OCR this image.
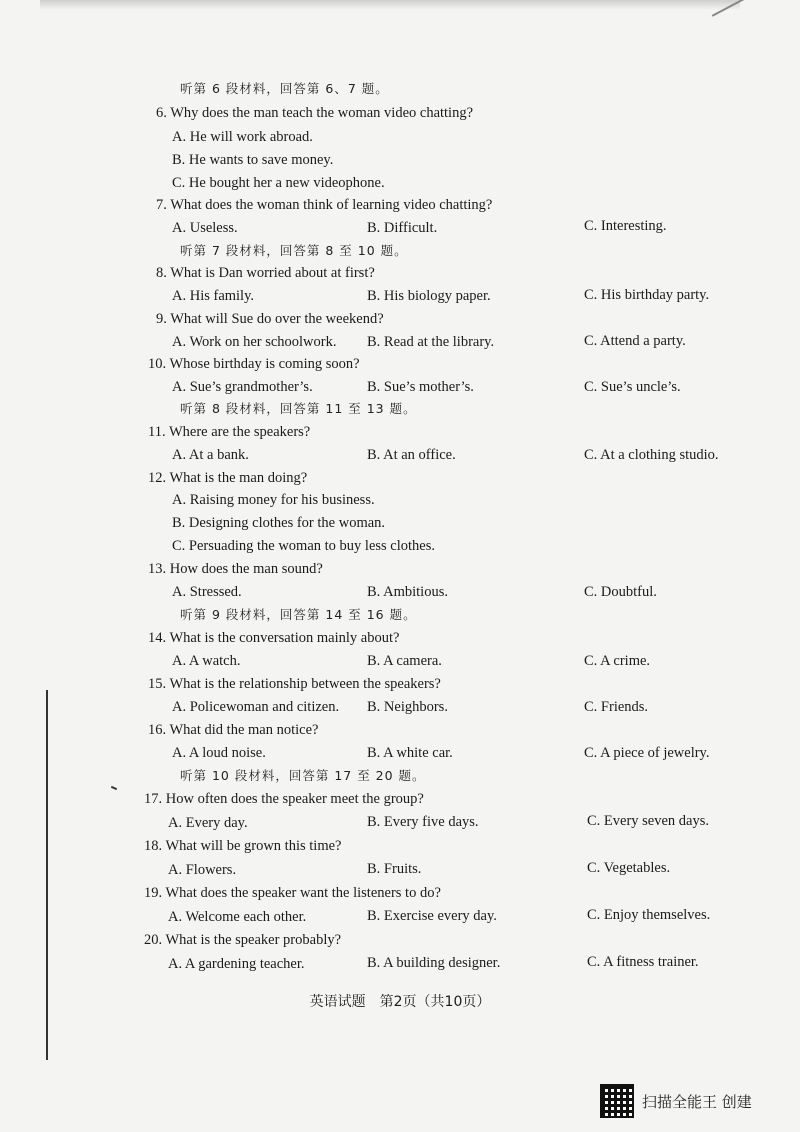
听第 6 段材料，回答第 6、7 题。
6. Why does the man teach the woman video chatting?
A. He will work abroad.
B. He wants to save money.
C. He bought her a new videophone.
7. What does the woman think of learning video chatting?
A. Useless.	B. Difficult.	C. Interesting.
听第 7 段材料，回答第 8 至 10 题。
8. What is Dan worried about at first?
A. His family.	B. His biology paper.	C. His birthday party.
9. What will Sue do over the weekend?
A. Work on her schoolwork. B. Read at the library.	C. Attend a party.
10. Whose birthday is coming soon?
A. Sue’s grandmother’s.	B. Sue’s mother’s.	C. Sue’s uncle’s.
听第 8 段材料，回答第 11 至 13 题。
11. Where are the speakers?
A. At a bank.	B. At an office.	C. At a clothing studio.
12. What is the man doing?
A. Raising money for his business.
B. Designing clothes for the woman.
C. Persuading the woman to buy less clothes.
13. How does the man sound?
A. Stressed.	B. Ambitious.	C. Doubtful.
听第 9 段材料，回答第 14 至 16 题。
14. What is the conversation mainly about?
A. A watch.	B. A camera.	C. A crime.
15. What is the relationship between the speakers?
A. Policewoman and citizen. B. Neighbors.	C. Friends.
16. What did the man notice?
A. A loud noise.	B. A white car.	C. A piece of jewelry.
听第 10 段材料，回答第 17 至 20 题。
17. How often does the speaker meet the group?
A. Every day.	B. Every five days.	C. Every seven days.
18. What will be grown this time?
A. Flowers.	B. Fruits.	C. Vegetables.
19. What does the speaker want the listeners to do?
A. Welcome each other.	B. Exercise every day.	C. Enjoy themselves.
20. What is the speaker probably?
A. A gardening teacher.	B. A building designer.	C. A fitness trainer.
英语试题　第2页（共10页）
扫描全能王 创建
